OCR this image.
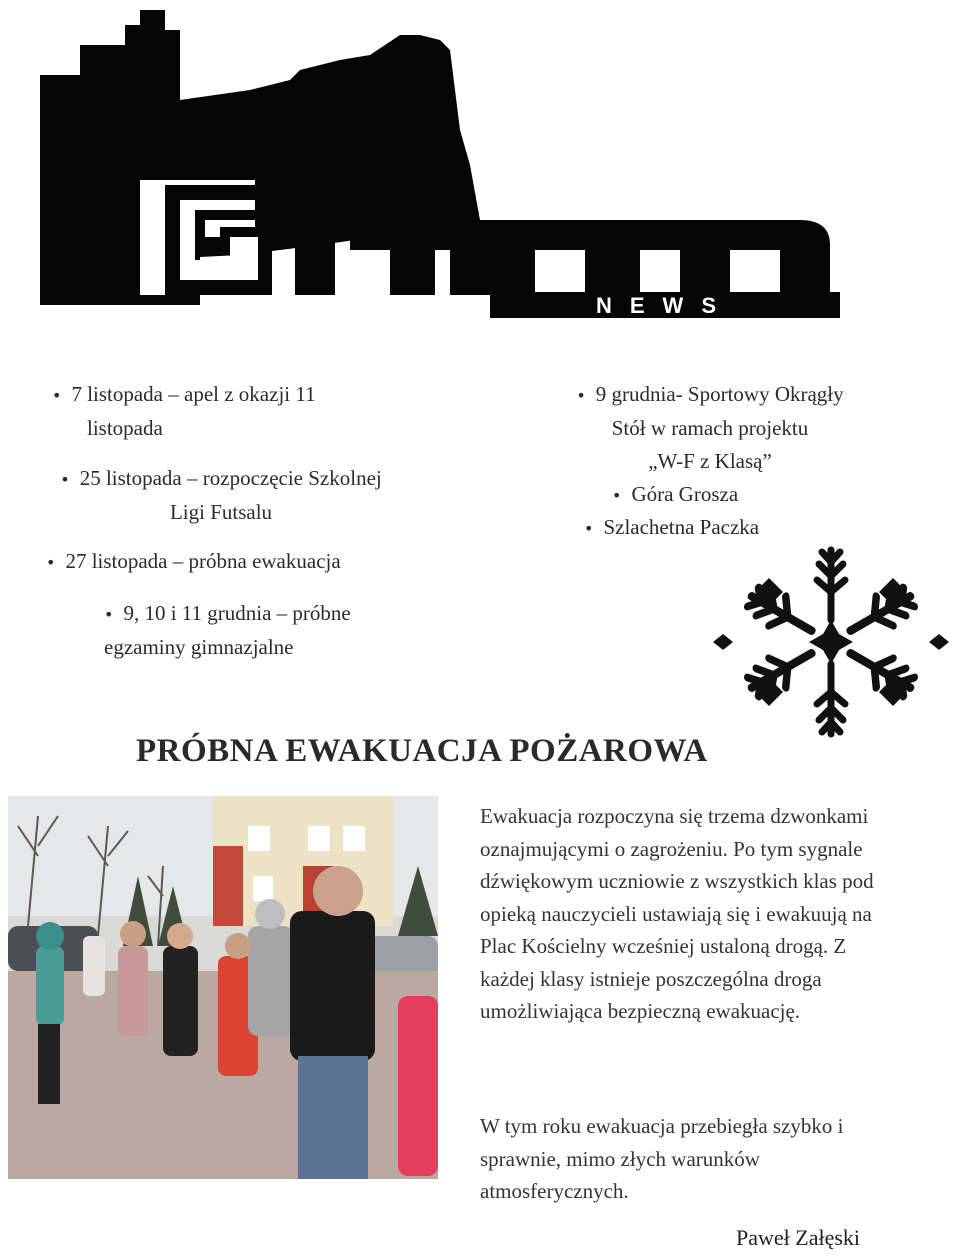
NEWS
• 7 listopada – apel z okazji 11
listopada
• 25 listopada – rozpoczęcie Szkolnej
Ligi Futsalu
• 27 listopada – próbna ewakuacja
• 9, 10 i 11 grudnia – próbne
egzaminy gimnazjalne
• 9 grudnia- Sportowy Okrągły
Stół w ramach projektu
„W-F z Klasą”
• Góra Grosza
• Szlachetna Paczka
PRÓBNA EWAKUACJA POŻAROWA
Ewakuacja rozpoczyna się trzema dzwonkami oznajmującymi o zagrożeniu. Po tym sygnale dźwiękowym uczniowie z wszystkich klas pod opieką nauczycieli ustawiają się i ewakuują na Plac Kościelny wcześniej ustaloną drogą. Z każdej klasy istnieje poszczególna droga umożliwiająca bezpieczną ewakuację.
W tym roku ewakuacja przebiegła szybko i sprawnie, mimo złych warunków atmosferycznych.
Paweł Załęski
